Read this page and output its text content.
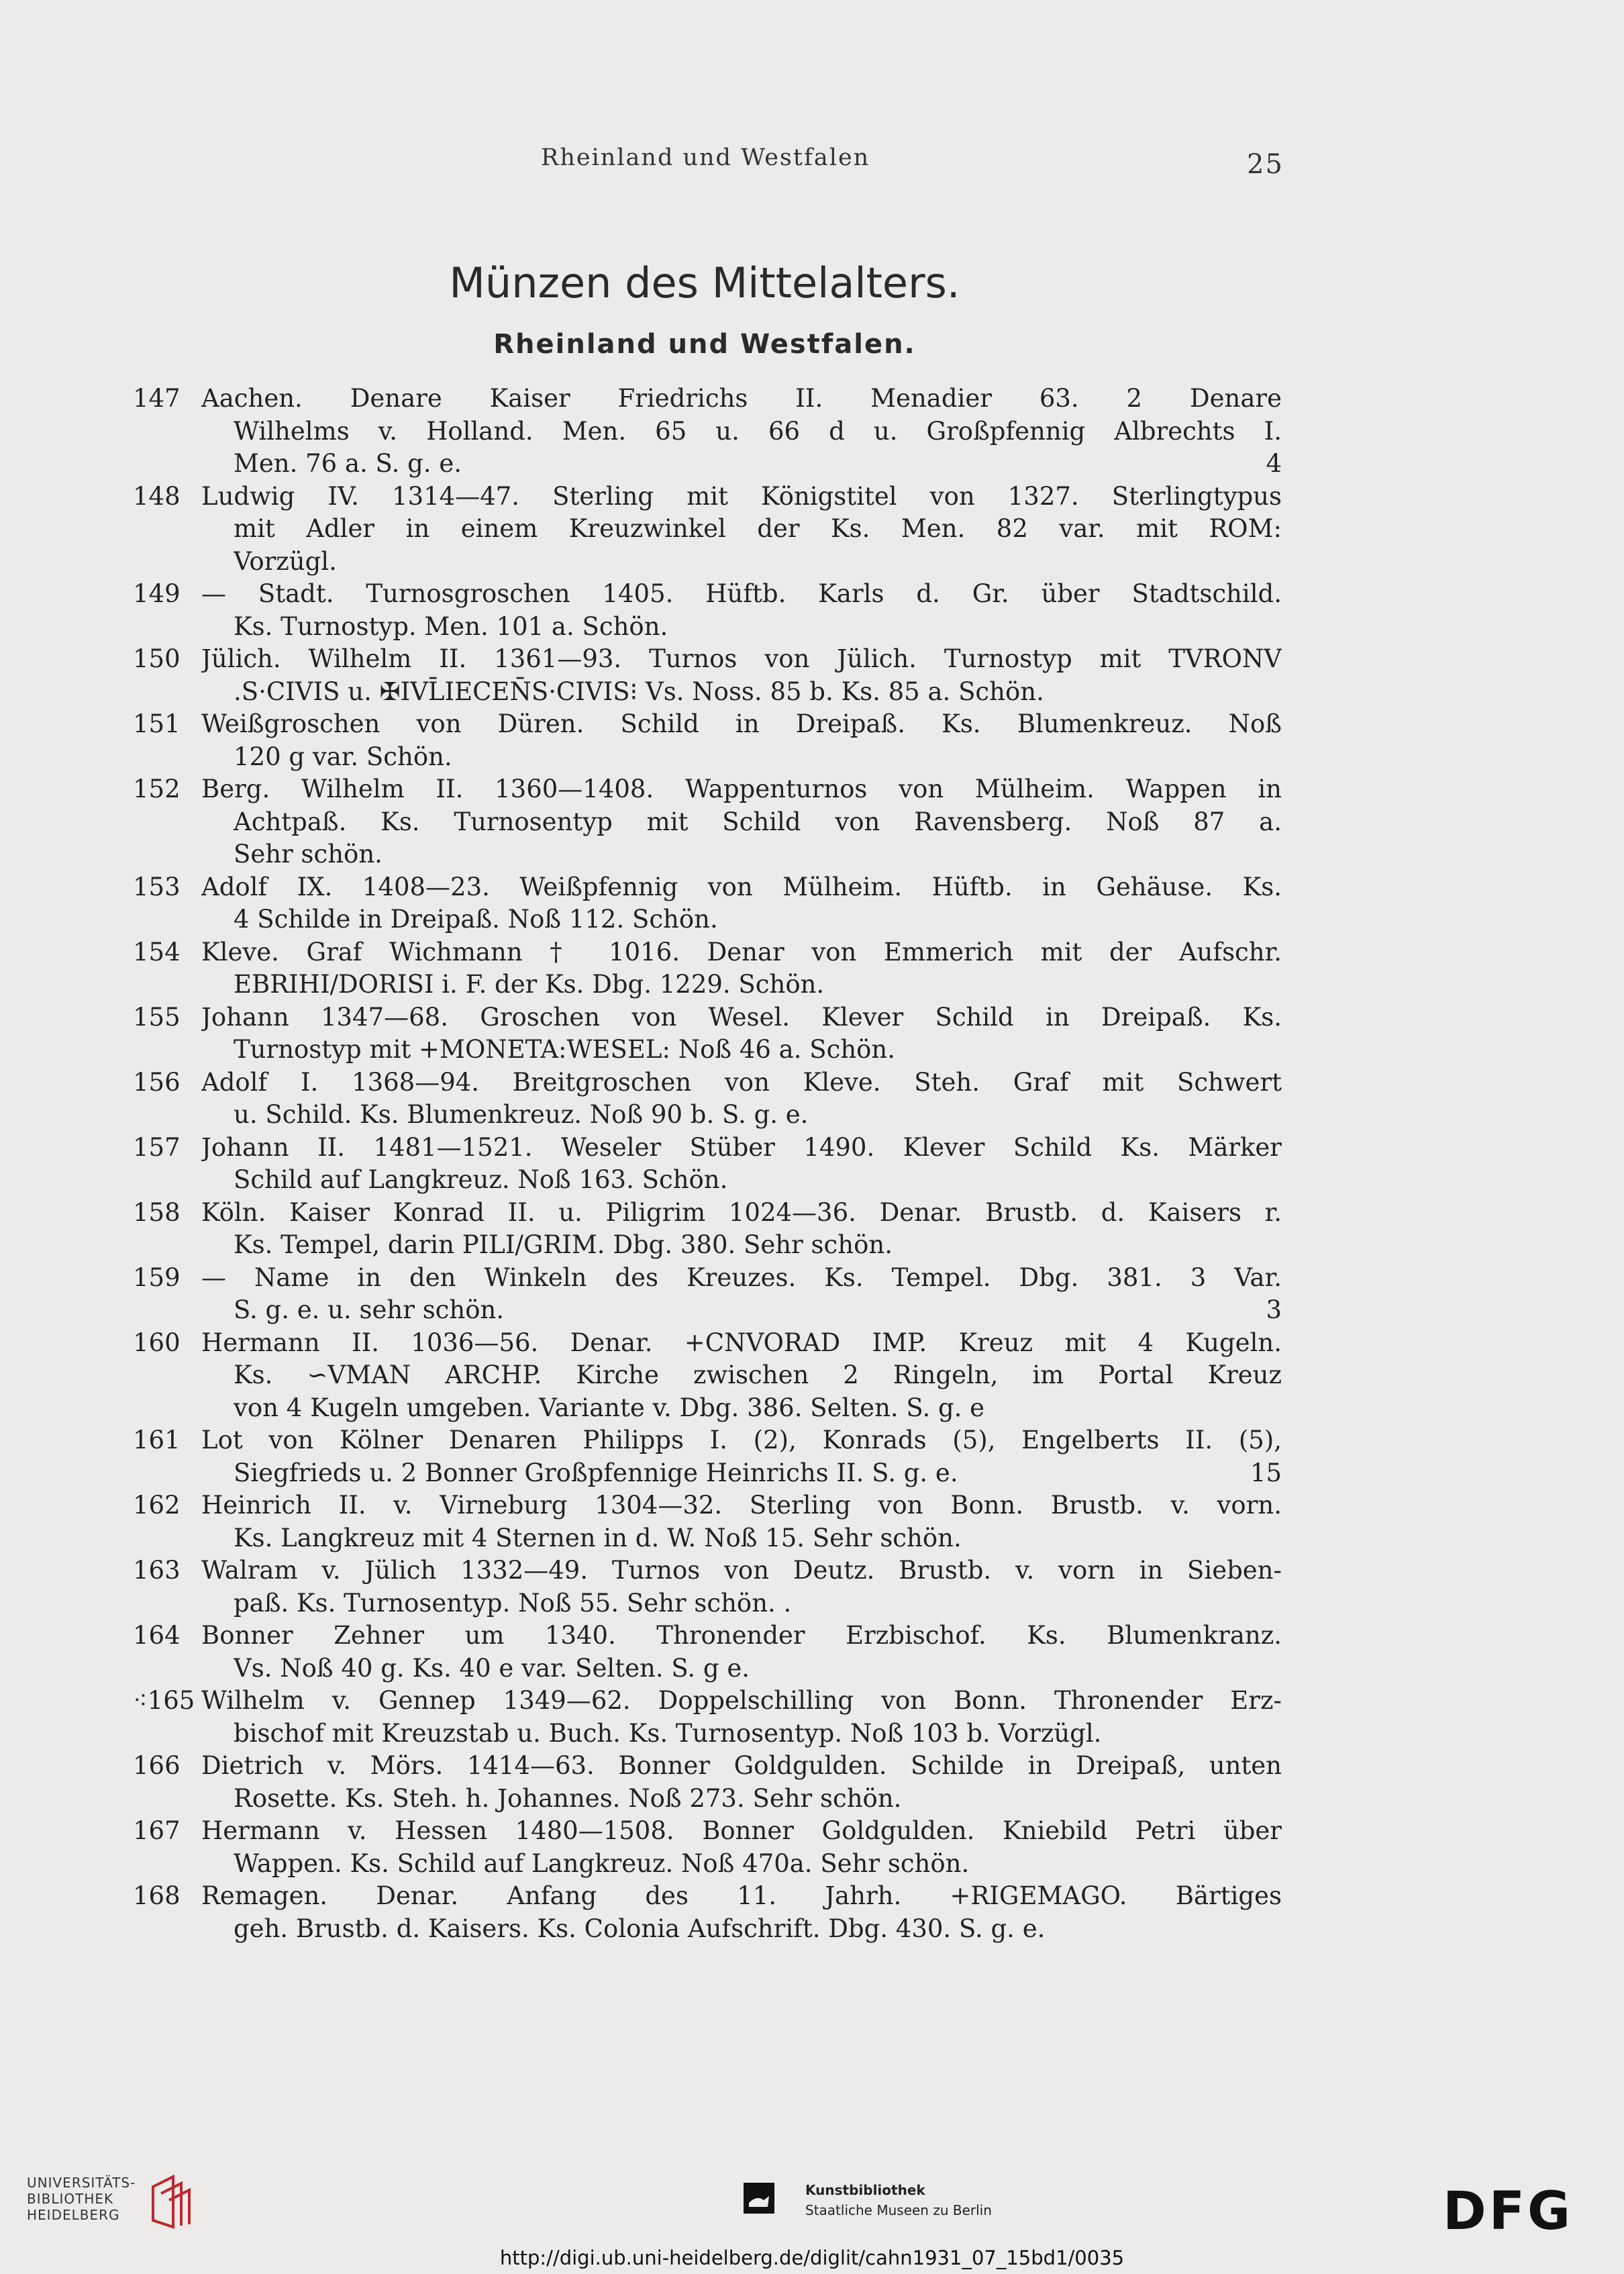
Rheinland und Westfalen	25
Münzen des Mittelalters.
Rheinland und Westfalen.
147 Aachen. Denare Kaiser Friedrichs II. Menadier 63. 2 Denare
Wilhelms v. Holland. Men. 65 u. 66 d u. Großpfennig Albrechts I.
Men. 76 a. S. g. e.	4
148 Ludwig IV. 1314—47. Sterling mit Königstitel von 1327. Sterlingtypus
mit Adler in einem Kreuzwinkel der Ks. Men. 82 var. mit ROM:
Vorzügl.
149 — Stadt. Turnosgroschen 1405. Hüftb. Karls d. Gr. über Stadtschild.
Ks. Turnostyp. Men. 101 a. Schön.
150 Jülich. Wilhelm II. 1361—93. Turnos von Jülich. Turnostyp mit TVRONV
.S·CIVIS u. ✠IVL̄IECEN̄S·CIVIS⁝ Vs. Noss. 85 b. Ks. 85 a. Schön.
151 Weißgroschen von Düren. Schild in Dreipaß. Ks. Blumenkreuz. Noß
120 g var. Schön.
152 Berg. Wilhelm II. 1360—1408. Wappenturnos von Mülheim. Wappen in
Achtpaß. Ks. Turnosentyp mit Schild von Ravensberg. Noß 87 a.
Sehr schön.
153 Adolf IX. 1408—23. Weißpfennig von Mülheim. Hüftb. in Gehäuse. Ks.
4 Schilde in Dreipaß. Noß 112. Schön.
154 Kleve. Graf Wichmann † 1016. Denar von Emmerich mit der Aufschr.
EBRIHI/DORISI i. F. der Ks. Dbg. 1229. Schön.
155 Johann 1347—68. Groschen von Wesel. Klever Schild in Dreipaß. Ks.
Turnostyp mit +MONETA:WESEL: Noß 46 a. Schön.
156 Adolf I. 1368—94. Breitgroschen von Kleve. Steh. Graf mit Schwert
u. Schild. Ks. Blumenkreuz. Noß 90 b. S. g. e.
157 Johann II. 1481—1521. Weseler Stüber 1490. Klever Schild Ks. Märker
Schild auf Langkreuz. Noß 163. Schön.
158 Köln. Kaiser Konrad II. u. Piligrim 1024—36. Denar. Brustb. d. Kaisers r.
Ks. Tempel, darin PILI/GRIM. Dbg. 380. Sehr schön.
159 — Name in den Winkeln des Kreuzes. Ks. Tempel. Dbg. 381. 3 Var.
S. g. e. u. sehr schön.	3
160 Hermann II. 1036—56. Denar. +CNVORAD IMP. Kreuz mit 4 Kugeln.
Ks. ∽VMAN ARCHP. Kirche zwischen 2 Ringeln, im Portal Kreuz
von 4 Kugeln umgeben. Variante v. Dbg. 386. Selten. S. g. e
161 Lot von Kölner Denaren Philipps I. (2), Konrads (5), Engelberts II. (5),
Siegfrieds u. 2 Bonner Großpfennige Heinrichs II. S. g. e.	15
162 Heinrich II. v. Virneburg 1304—32. Sterling von Bonn. Brustb. v. vorn.
Ks. Langkreuz mit 4 Sternen in d. W. Noß 15. Sehr schön.
163 Walram v. Jülich 1332—49. Turnos von Deutz. Brustb. v. vorn in Sieben-
paß. Ks. Turnosentyp. Noß 55. Sehr schön. .
164 Bonner Zehner um 1340. Thronender Erzbischof. Ks. Blumenkranz.
Vs. Noß 40 g. Ks. 40 e var. Selten. S. g e.
⁖165 Wilhelm v. Gennep 1349—62. Doppelschilling von Bonn. Thronender Erz-
bischof mit Kreuzstab u. Buch. Ks. Turnosentyp. Noß 103 b. Vorzügl.
166 Dietrich v. Mörs. 1414—63. Bonner Goldgulden. Schilde in Dreipaß, unten
Rosette. Ks. Steh. h. Johannes. Noß 273. Sehr schön.
167 Hermann v. Hessen 1480—1508. Bonner Goldgulden. Kniebild Petri über
Wappen. Ks. Schild auf Langkreuz. Noß 470a. Sehr schön.
168 Remagen. Denar. Anfang des 11. Jahrh. +RIGEMAGO. Bärtiges
geh. Brustb. d. Kaisers. Ks. Colonia Aufschrift. Dbg. 430. S. g. e.
UNIVERSITÄTS-
BIBLIOTHEK
HEIDELBERG
Kunstbibliothek
Staatliche Museen zu Berlin	DFG
http://digi.ub.uni-heidelberg.de/diglit/cahn1931_07_15bd1/0035
